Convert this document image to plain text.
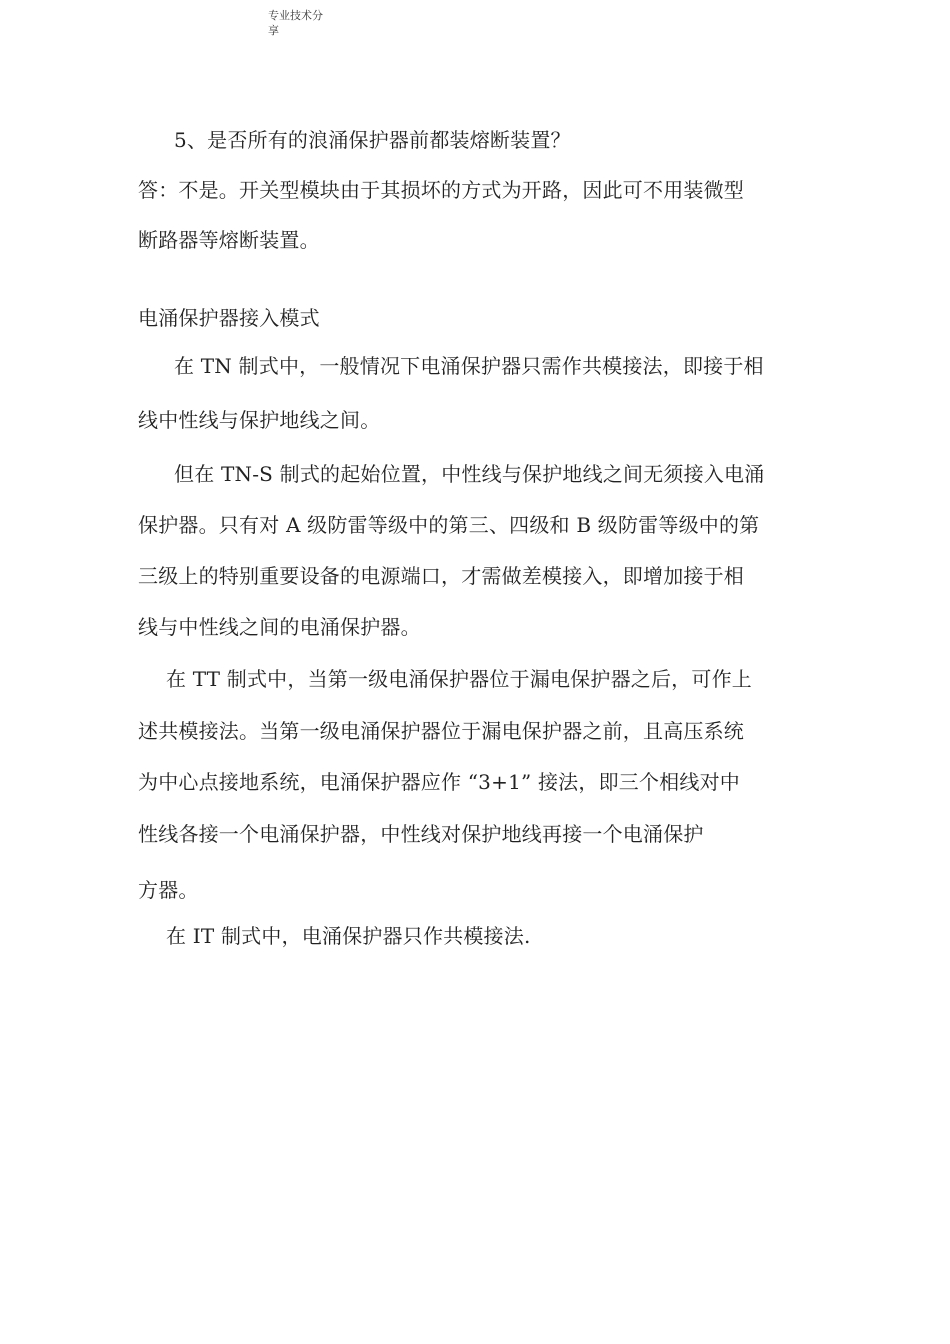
专业技术分
享
5、是否所有的浪涌保护器前都装熔断装置？
答：不是。开关型模块由于其损坏的方式为开路，因此可不用装微型
断路器等熔断装置。
电涌保护器接入模式
在 TN 制式中，一般情况下电涌保护器只需作共模接法，即接于相
线中性线与保护地线之间。
但在 TN-S 制式的起始位置，中性线与保护地线之间无须接入电涌
保护器。只有对 A 级防雷等级中的第三、四级和 B 级防雷等级中的第
三级上的特别重要设备的电源端口，才需做差模接入，即增加接于相
线与中性线之间的电涌保护器。
在 TT 制式中，当第一级电涌保护器位于漏电保护器之后，可作上
述共模接法。当第一级电涌保护器位于漏电保护器之前，且高压系统
为中心点接地系统，电涌保护器应作 “3+1” 接法，即三个相线对中
性线各接一个电涌保护器，中性线对保护地线再接一个电涌保护
方器。
在 IT 制式中，电涌保护器只作共模接法.
